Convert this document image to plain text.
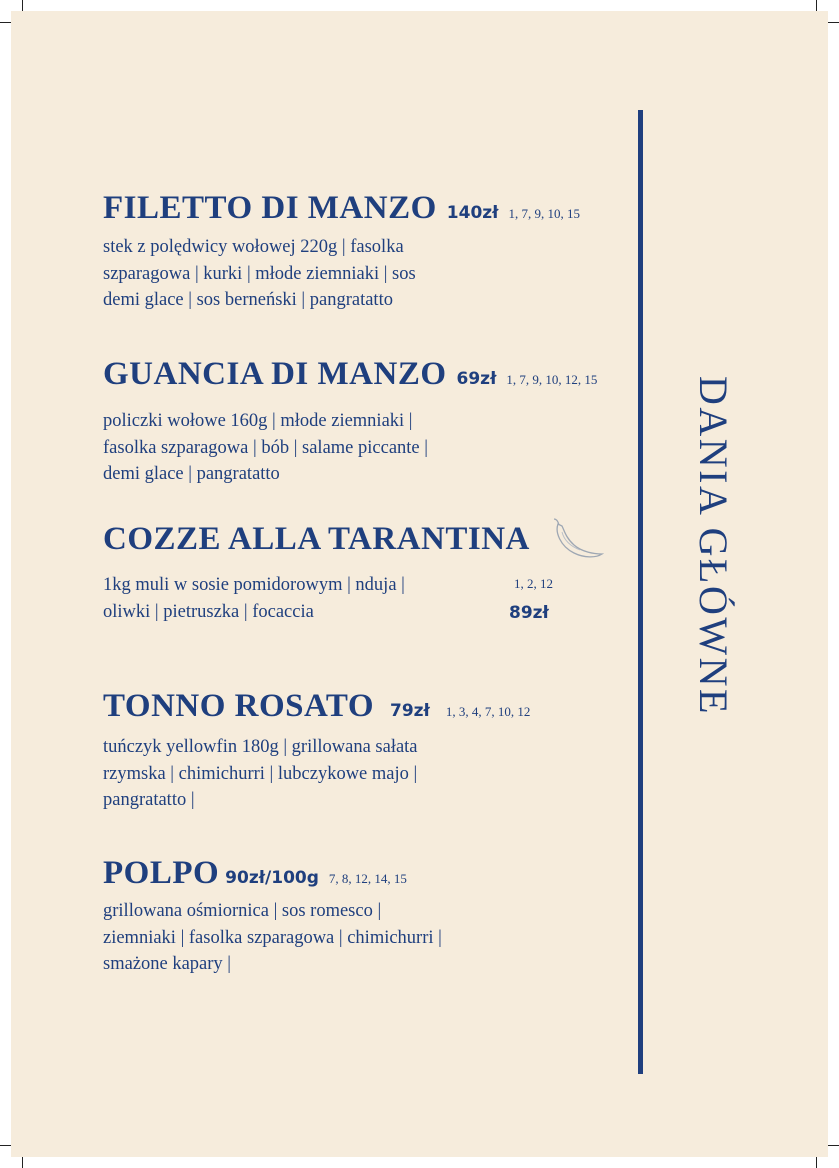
FILETTO DI MANZO 140zł 1, 7, 9, 10, 15
stek z polędwicy wołowej 220g | fasolka
szparagowa | kurki | młode ziemniaki | sos
demi glace | sos berneński | pangratatto
GUANCIA DI MANZO 69zł 1, 7, 9, 10, 12, 15
policzki wołowe 160g | młode ziemniaki |
fasolka szparagowa | bób | salame piccante |
demi glace | pangratatto
COZZE ALLA TARANTINA
1kg muli w sosie pomidorowym | nduja |
oliwki | pietruszka | focaccia
1, 2, 12
89zł
TONNO ROSATO 79zł 1, 3, 4, 7, 10, 12
tuńczyk yellowfin 180g | grillowana sałata
rzymska | chimichurri | lubczykowe majo |
pangratatto |
POLPO 90zł/100g 7, 8, 12, 14, 15
grillowana ośmiornica | sos romesco |
ziemniaki | fasolka szparagowa | chimichurri |
smażone kapary |
DANIA GŁÓWNE
